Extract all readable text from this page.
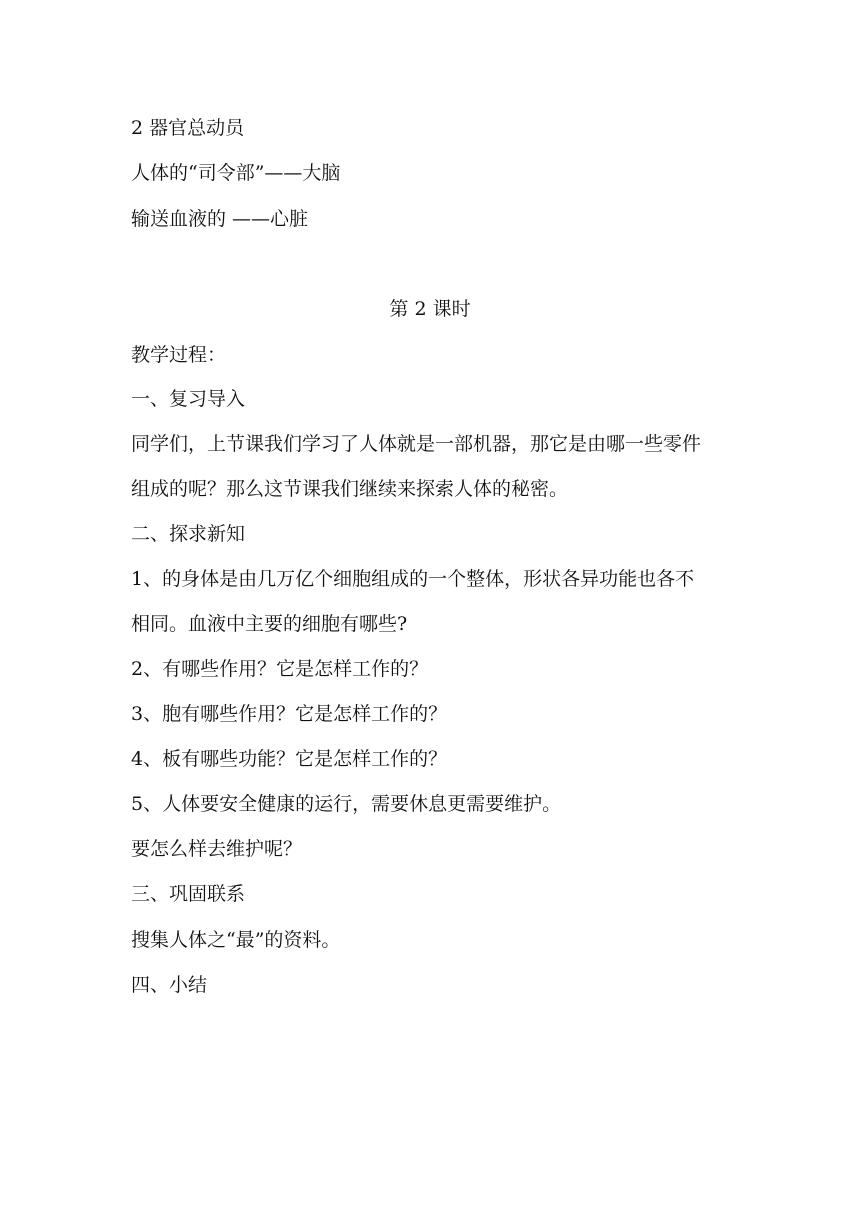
2 器官总动员
人体的“司令部”——大脑
输送血液的 ——心脏
第 2 课时
教学过程：
一、复习导入
同学们，上节课我们学习了人体就是一部机器，那它是由哪一些零件
组成的呢？那么这节课我们继续来探索人体的秘密。
二、探求新知
1、的身体是由几万亿个细胞组成的一个整体，形状各异功能也各不
相同。血液中主要的细胞有哪些?
2、有哪些作用？它是怎样工作的？
3、胞有哪些作用？它是怎样工作的？
4、板有哪些功能？它是怎样工作的？
5、人体要安全健康的运行，需要休息更需要维护。
要怎么样去维护呢？
三、巩固联系
搜集人体之“最”的资料。
四、小结
